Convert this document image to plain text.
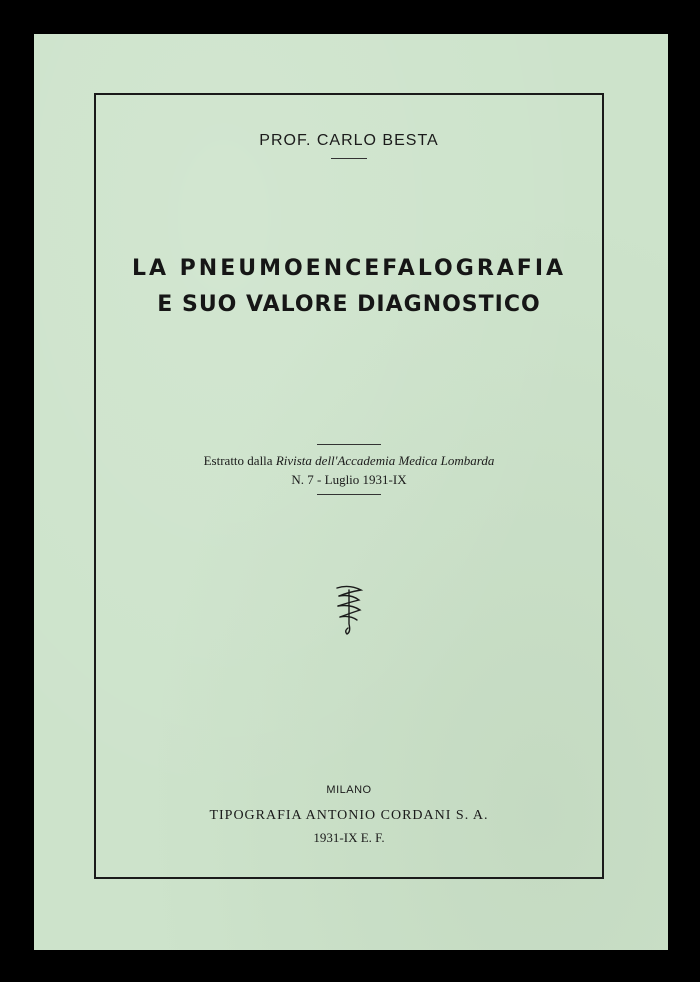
PROF. CARLO BESTA
LA PNEUMOENCEFALOGRAFIA
E SUO VALORE DIAGNOSTICO
Estratto dalla Rivista dell'Accademia Medica Lombarda
N. 7 - Luglio 1931-IX
MILANO
TIPOGRAFIA ANTONIO CORDANI S. A.
1931-IX E. F.
